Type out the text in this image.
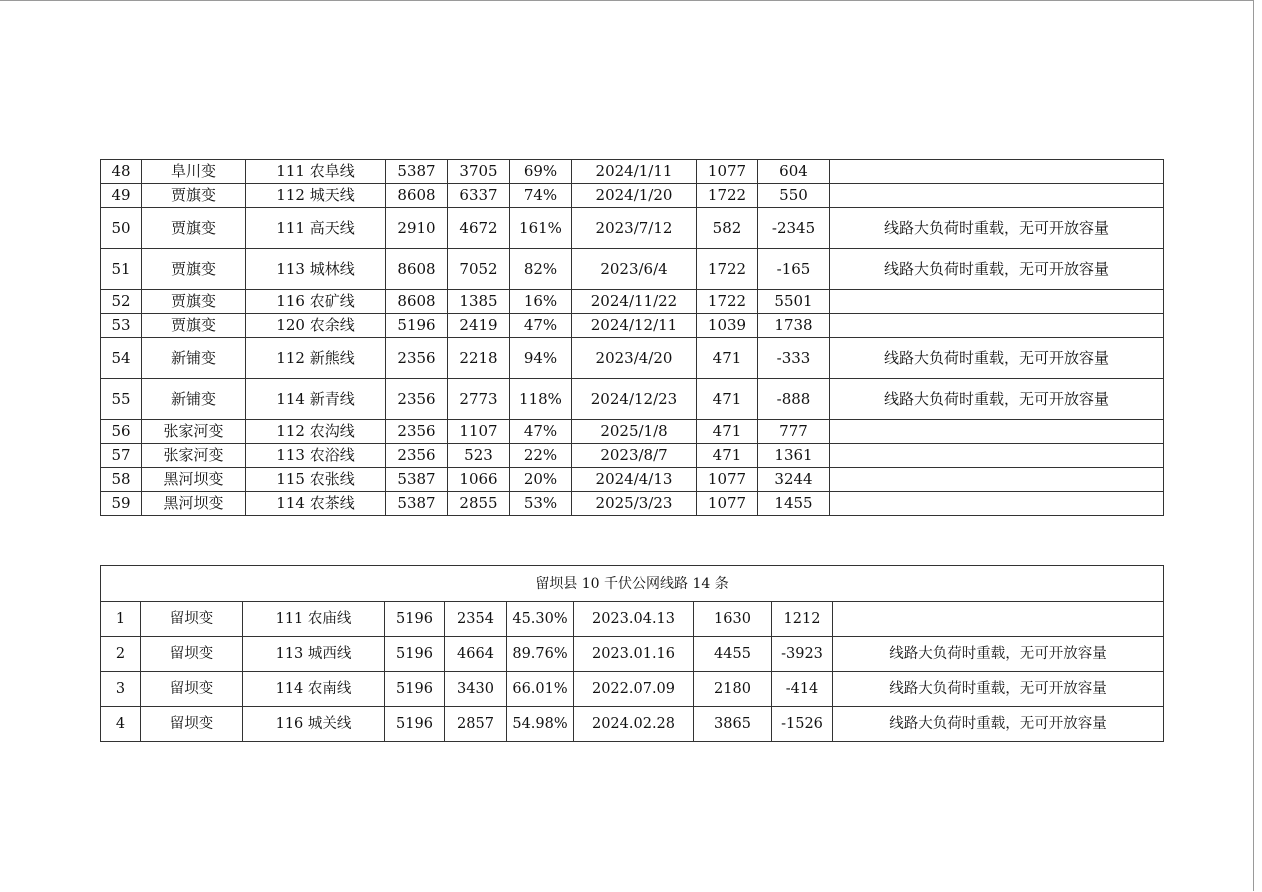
48	阜川变	111 农阜线	5387	3705	69%	2024/1/11	1077	604	
49	贾旗变	112 城天线	8608	6337	74%	2024/1/20	1722	550	
50	贾旗变	111 高天线	2910	4672	161%	2023/7/12	582	-2345	线路大负荷时重载，无可开放容量
51	贾旗变	113 城林线	8608	7052	82%	2023/6/4	1722	-165	线路大负荷时重载，无可开放容量
52	贾旗变	116 农矿线	8608	1385	16%	2024/11/22	1722	5501	
53	贾旗变	120 农余线	5196	2419	47%	2024/12/11	1039	1738	
54	新铺变	112 新熊线	2356	2218	94%	2023/4/20	471	-333	线路大负荷时重载，无可开放容量
55	新铺变	114 新青线	2356	2773	118%	2024/12/23	471	-888	线路大负荷时重载，无可开放容量
56	张家河变	112 农沟线	2356	1107	47%	2025/1/8	471	777	
57	张家河变	113 农浴线	2356	523	22%	2023/8/7	471	1361	
58	黑河坝变	115 农张线	5387	1066	20%	2024/4/13	1077	3244	
59	黑河坝变	114 农茶线	5387	2855	53%	2025/3/23	1077	1455	
留坝县 10 千伏公网线路 14 条									
1	留坝变	111 农庙线	5196	2354	45.30%	2023.04.13	1630	1212	
2	留坝变	113 城西线	5196	4664	89.76%	2023.01.16	4455	-3923	线路大负荷时重载，无可开放容量
3	留坝变	114 农南线	5196	3430	66.01%	2022.07.09	2180	-414	线路大负荷时重载，无可开放容量
4	留坝变	116 城关线	5196	2857	54.98%	2024.02.28	3865	-1526	线路大负荷时重载，无可开放容量
